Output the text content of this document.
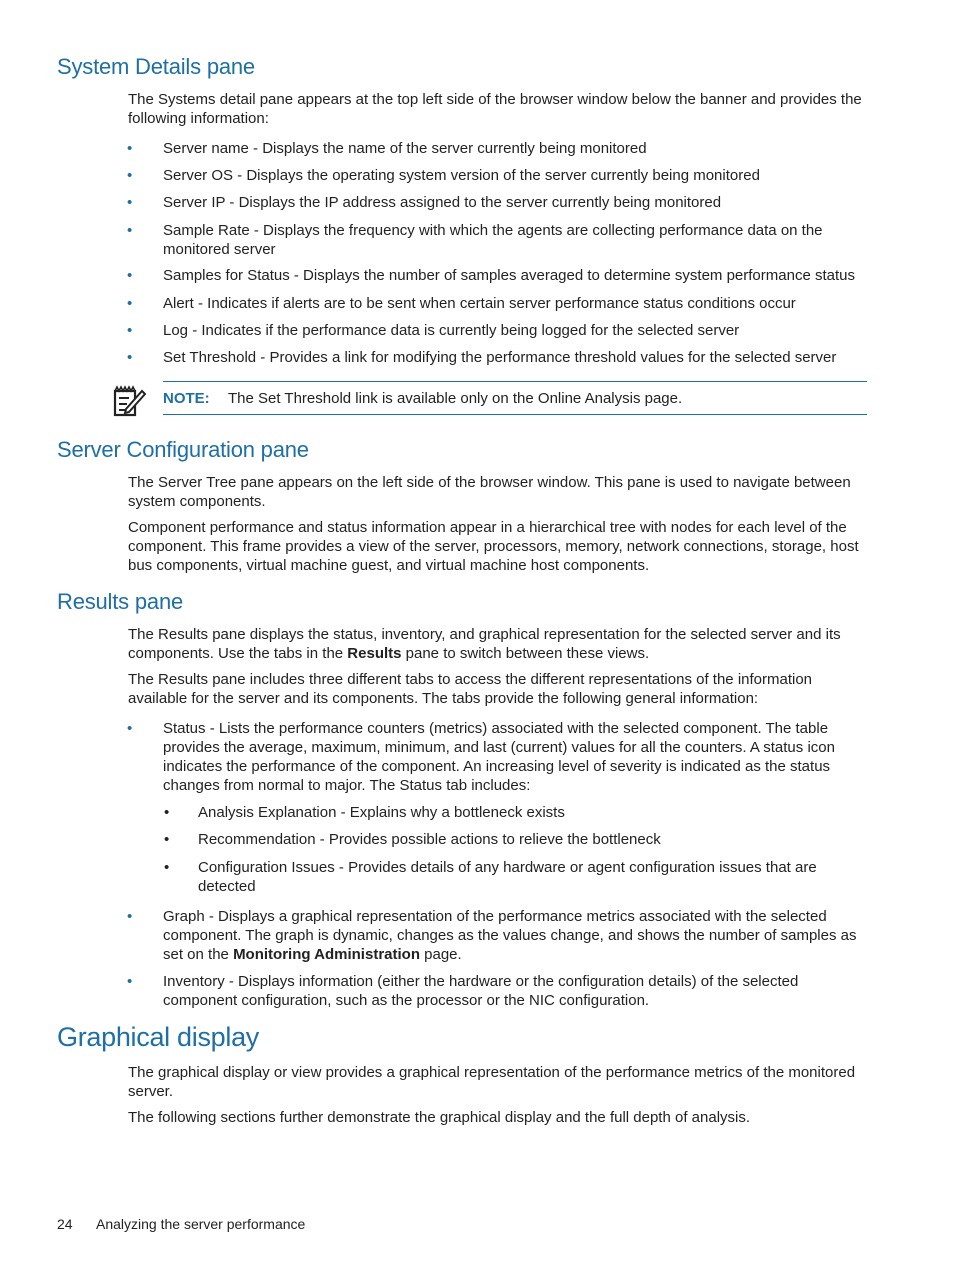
System Details pane

The Systems detail pane appears at the top left side of the browser window below the banner and provides the following information:

• Server name - Displays the name of the server currently being monitored

• Server OS - Displays the operating system version of the server currently being monitored

• Server IP - Displays the IP address assigned to the server currently being monitored

• Sample Rate - Displays the frequency with which the agents are collecting performance data on the monitored server

• Samples for Status - Displays the number of samples averaged to determine system performance status

• Alert - Indicates if alerts are to be sent when certain server performance status conditions occur

• Log - Indicates if the performance data is currently being logged for the selected server

• Set Threshold - Provides a link for modifying the performance threshold values for the selected server

NOTE: The Set Threshold link is available only on the Online Analysis page.
Server Configuration pane

The Server Tree pane appears on the left side of the browser window. This pane is used to navigate between system components.

Component performance and status information appear in a hierarchical tree with nodes for each level of the component. This frame provides a view of the server, processors, memory, network connections, storage, host bus components, virtual machine guest, and virtual machine host components.

Results pane

The Results pane displays the status, inventory, and graphical representation for the selected server and its components. Use the tabs in the Results pane to switch between these views.

The Results pane includes three different tabs to access the different representations of the information available for the server and its components. The tabs provide the following general information:

• Status - Lists the performance counters (metrics) associated with the selected component. The table provides the average, maximum, minimum, and last (current) values for all the counters. A status icon indicates the performance of the component. An increasing level of severity is indicated as the status changes from normal to major. The Status tab includes:

• Analysis Explanation - Explains why a bottleneck exists

• Recommendation - Provides possible actions to relieve the bottleneck

• Configuration Issues - Provides details of any hardware or agent configuration issues that are detected

• Graph - Displays a graphical representation of the performance metrics associated with the selected component. The graph is dynamic, changes as the values change, and shows the number of samples as set on the Monitoring Administration page.

• Inventory - Displays information (either the hardware or the configuration details) of the selected component configuration, such as the processor or the NIC configuration.

Graphical display

The graphical display or view provides a graphical representation of the performance metrics of the monitored server.

The following sections further demonstrate the graphical display and the full depth of analysis.

24 Analyzing the server performance
